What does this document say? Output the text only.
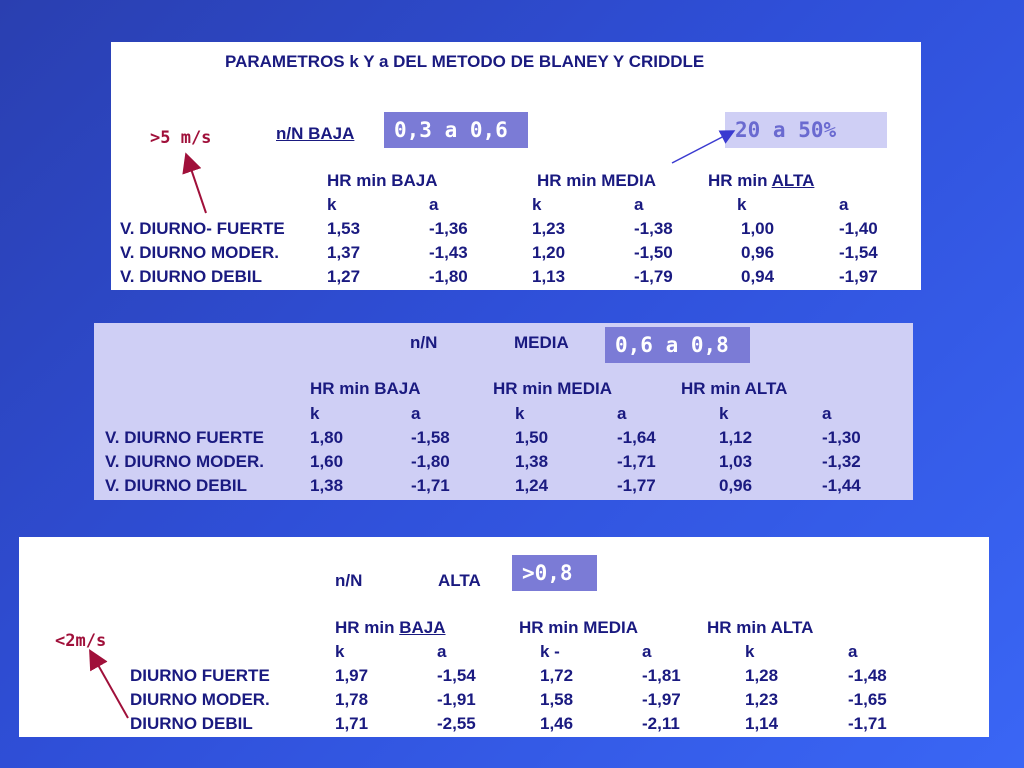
PARAMETROS k Y a DEL METODO DE BLANEY Y CRIDDLE
>5 m/s	n/N BAJA	0,3 a 0,6	20 a 50%
HR min BAJA	HR min MEDIA	HR min ALTA
k	a	k	a	k	a
V. DIURNO- FUERTE 1,53	-1,36	1,23	-1,38	1,00	-1,40
V. DIURNO MODER.	1,37	-1,43	1,20	-1,50	0,96	-1,54
V. DIURNO DEBIL	1,27	-1,80	1,13	-1,79	0,94	-1,97
n/N	MEDIA	0,6 a 0,8
HR min BAJA	HR min MEDIA	HR min ALTA
k	a	k	a	k	a
V. DIURNO FUERTE	1,80	-1,58	1,50	-1,64	1,12	-1,30
V. DIURNO MODER.	1,60	-1,80	1,38	-1,71	1,03	-1,32
V. DIURNO DEBIL	1,38	-1,71	1,24	-1,77	0,96	-1,44
n/N	ALTA	>0,8
<2m/s
HR min BAJA	HR min MEDIA	HR min ALTA
k	a	k -	a	k	a
DIURNO FUERTE	1,97	-1,54	1,72	-1,81	1,28	-1,48
DIURNO MODER.	1,78	-1,91	1,58	-1,97	1,23	-1,65
DIURNO DEBIL	1,71	-2,55	1,46	-2,11	1,14	-1,71
